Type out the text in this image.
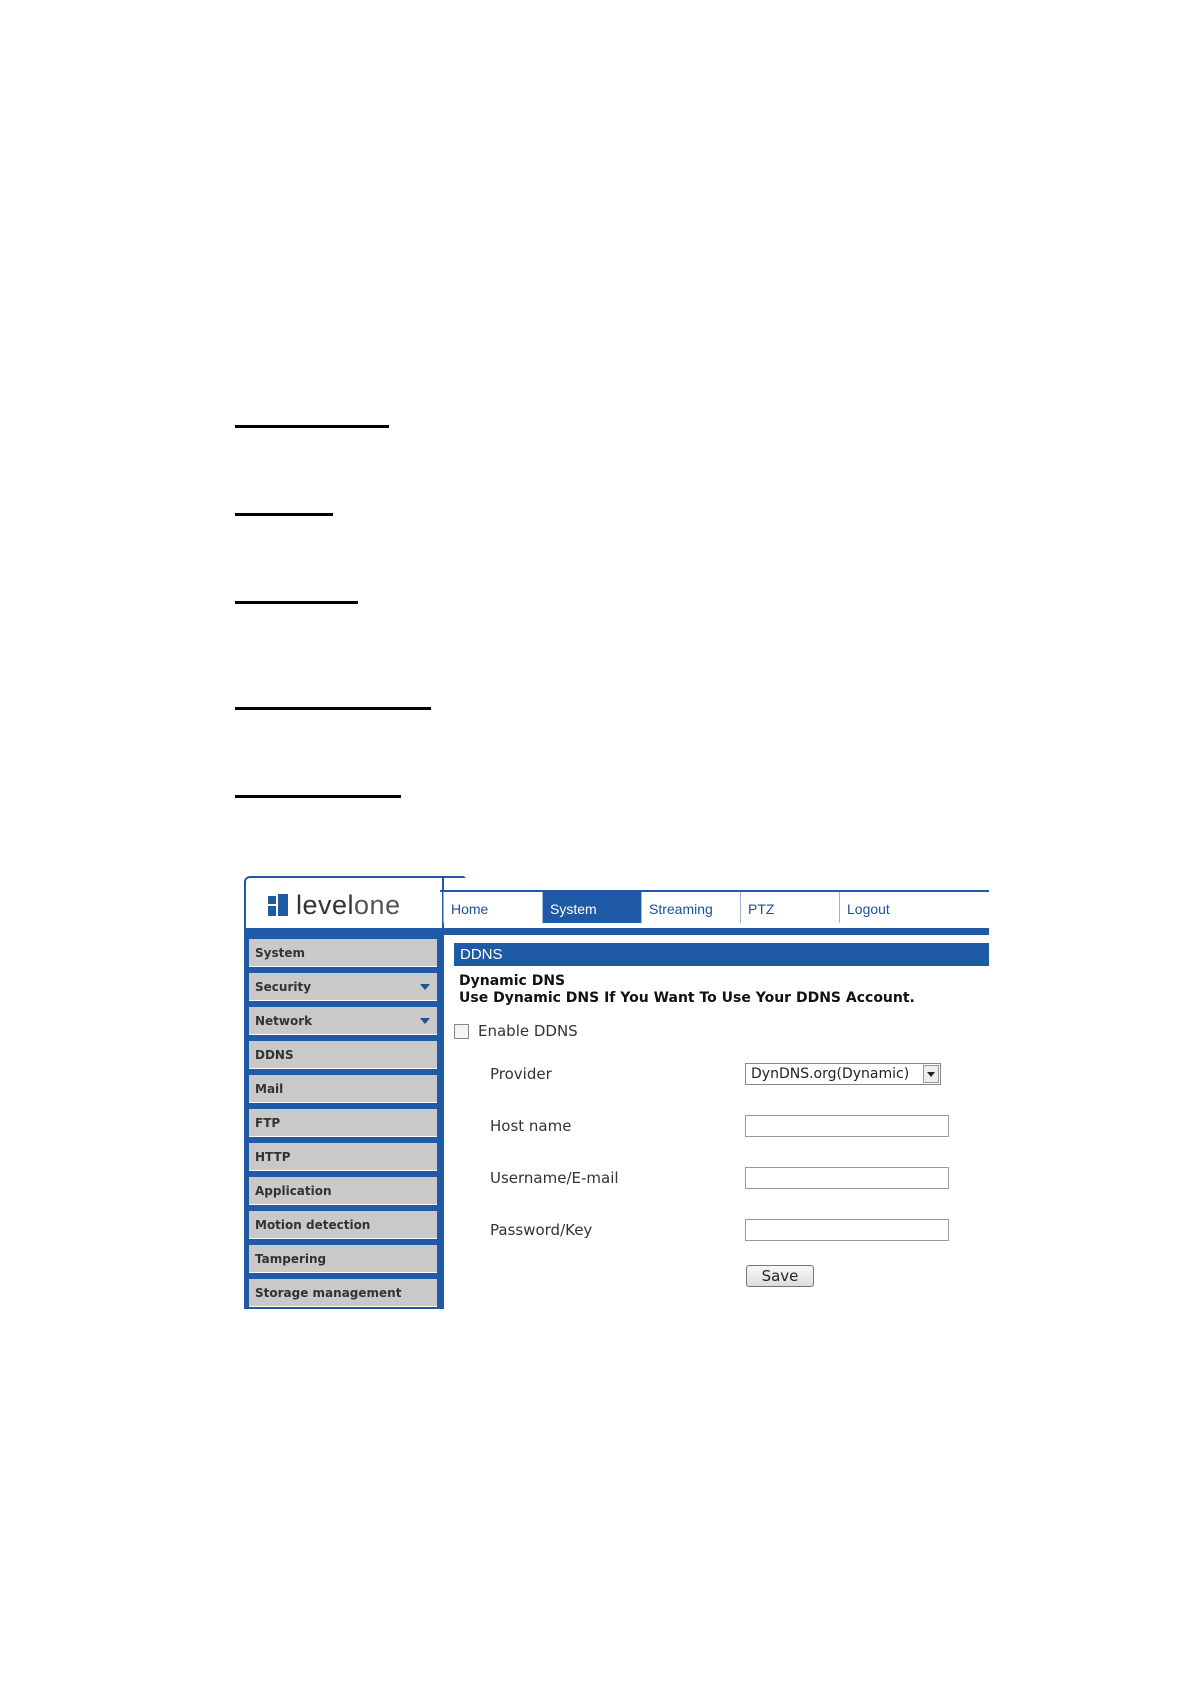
levelone	Home	System	Streaming	PTZ	Logout
System
Security
Network
DDNS
Mail
FTP
HTTP
Application
Motion detection
Tampering
Storage management
DDNS
Dynamic DNS
Use Dynamic DNS If You Want To Use Your DDNS Account.
Enable DDNS
Provider	DynDNS.org(Dynamic)
Host name
Username/E-mail
Password/Key
Save
